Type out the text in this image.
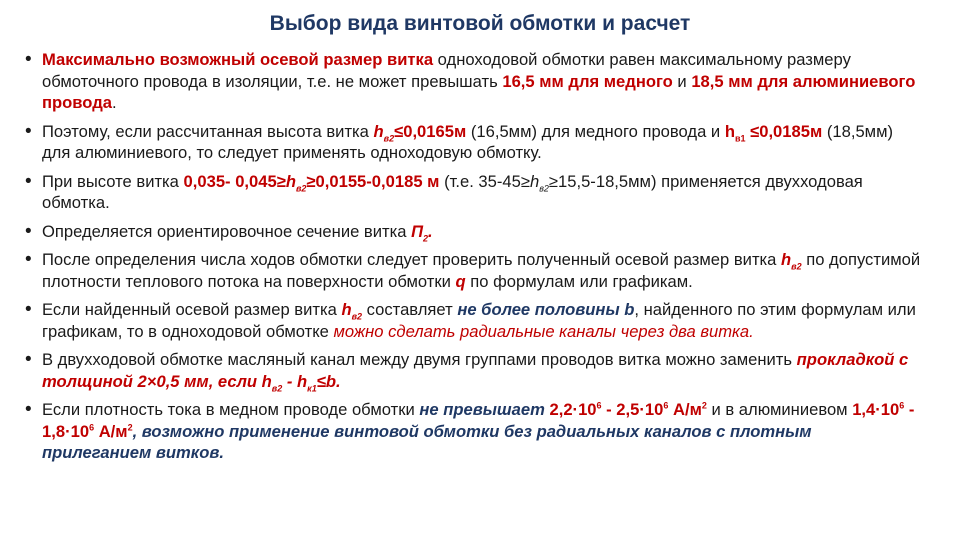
Выбор вида винтовой обмотки и расчет
• Максимально возможный осевой размер витка одноходовой обмотки равен максимальному размеру обмоточного провода в изоляции, т.е. не может превышать 16,5 мм для медного и 18,5 мм для алюминиевого провода.
• Поэтому, если рассчитанная высота витка $h_{в2}\le 0,0165м$ (16,5мм) для медного провода и $h_{в1} \le 0,0185м$ (18,5мм) для алюминиевого, то следует применять одноходовую обмотку.
• При высоте витка 0,035- $0,045\ge h_{в2}\ge 0,0155-0,0185$ м (т.е. $35-45\ge h_{в2}\ge 15,5-18,5мм$) применяется двухходовая обмотка.
• Определяется ориентировочное сечение витка $П_2$.
• После определения числа ходов обмотки следует проверить полученный осевой размер витка $h_{в2}$ по допустимой плотности теплового потока на поверхности обмотки q по формулам или графикам.
• Если найденный осевой размер витка $h_{в2}$ составляет не более половины b, найденного по этим формулам или графикам, то в одноходовой обмотке можно сделать радиальные каналы через два витка.
• В двухходовой обмотке масляный канал между двумя группами проводов витка можно заменить прокладкой с толщиной 2×0,5 мм, если $h_{в2} - h_{к1}\le b$.
• Если плотность тока в медном проводе обмотки не превышает $2,2\cdot 10^6 - 2,5\cdot 10^6$ $А/м^2$ и в алюминиевом $1,4\cdot 10^6 - 1,8\cdot 10^6$ $А/м^2$, возможно применение винтовой обмотки без радиальных каналов с плотным прилеганием витков.
